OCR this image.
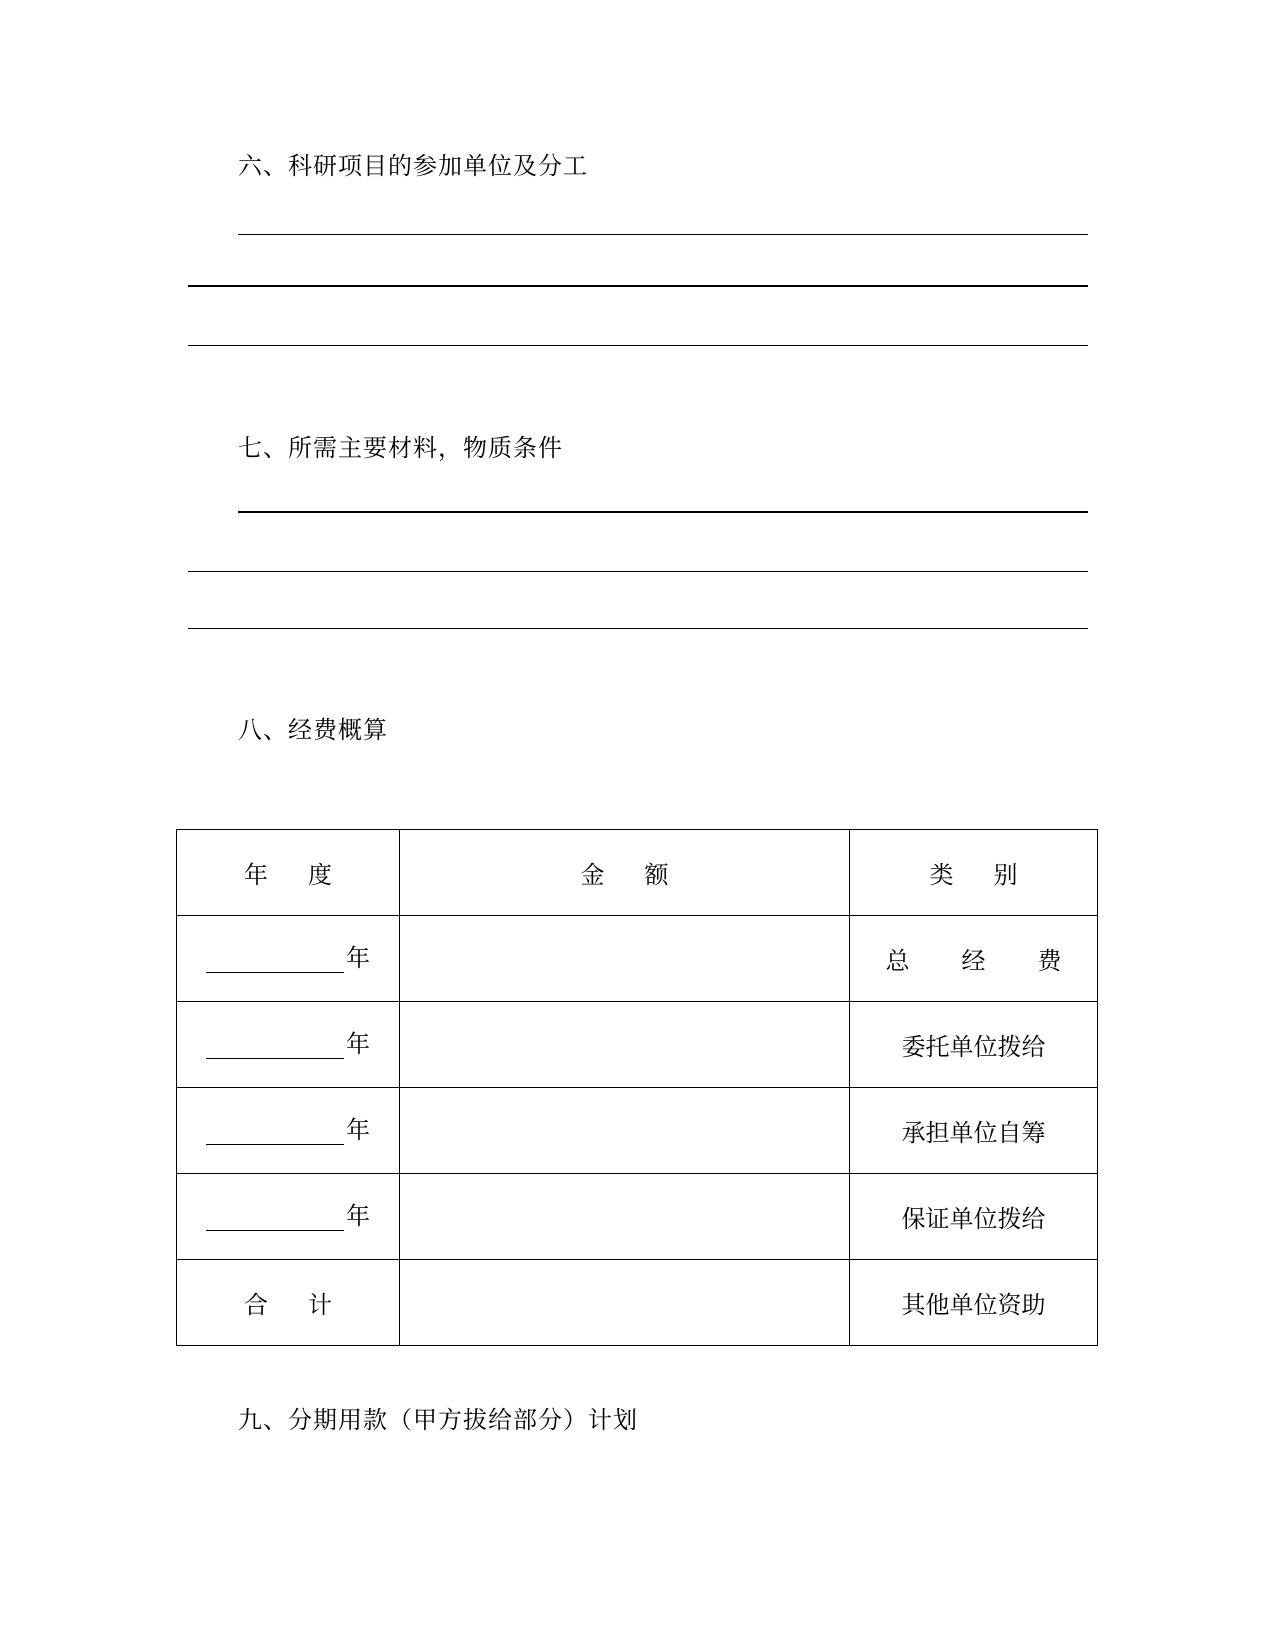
六、科研项目的参加单位及分工
七、所需主要材料，物质条件
八、经费概算
年度	金额	类别

年		总经费

年		委托单位拨给

年		承担单位自筹

年		保证单位拨给
合计		其他单位资助
九、分期用款（甲方拔给部分）计划
